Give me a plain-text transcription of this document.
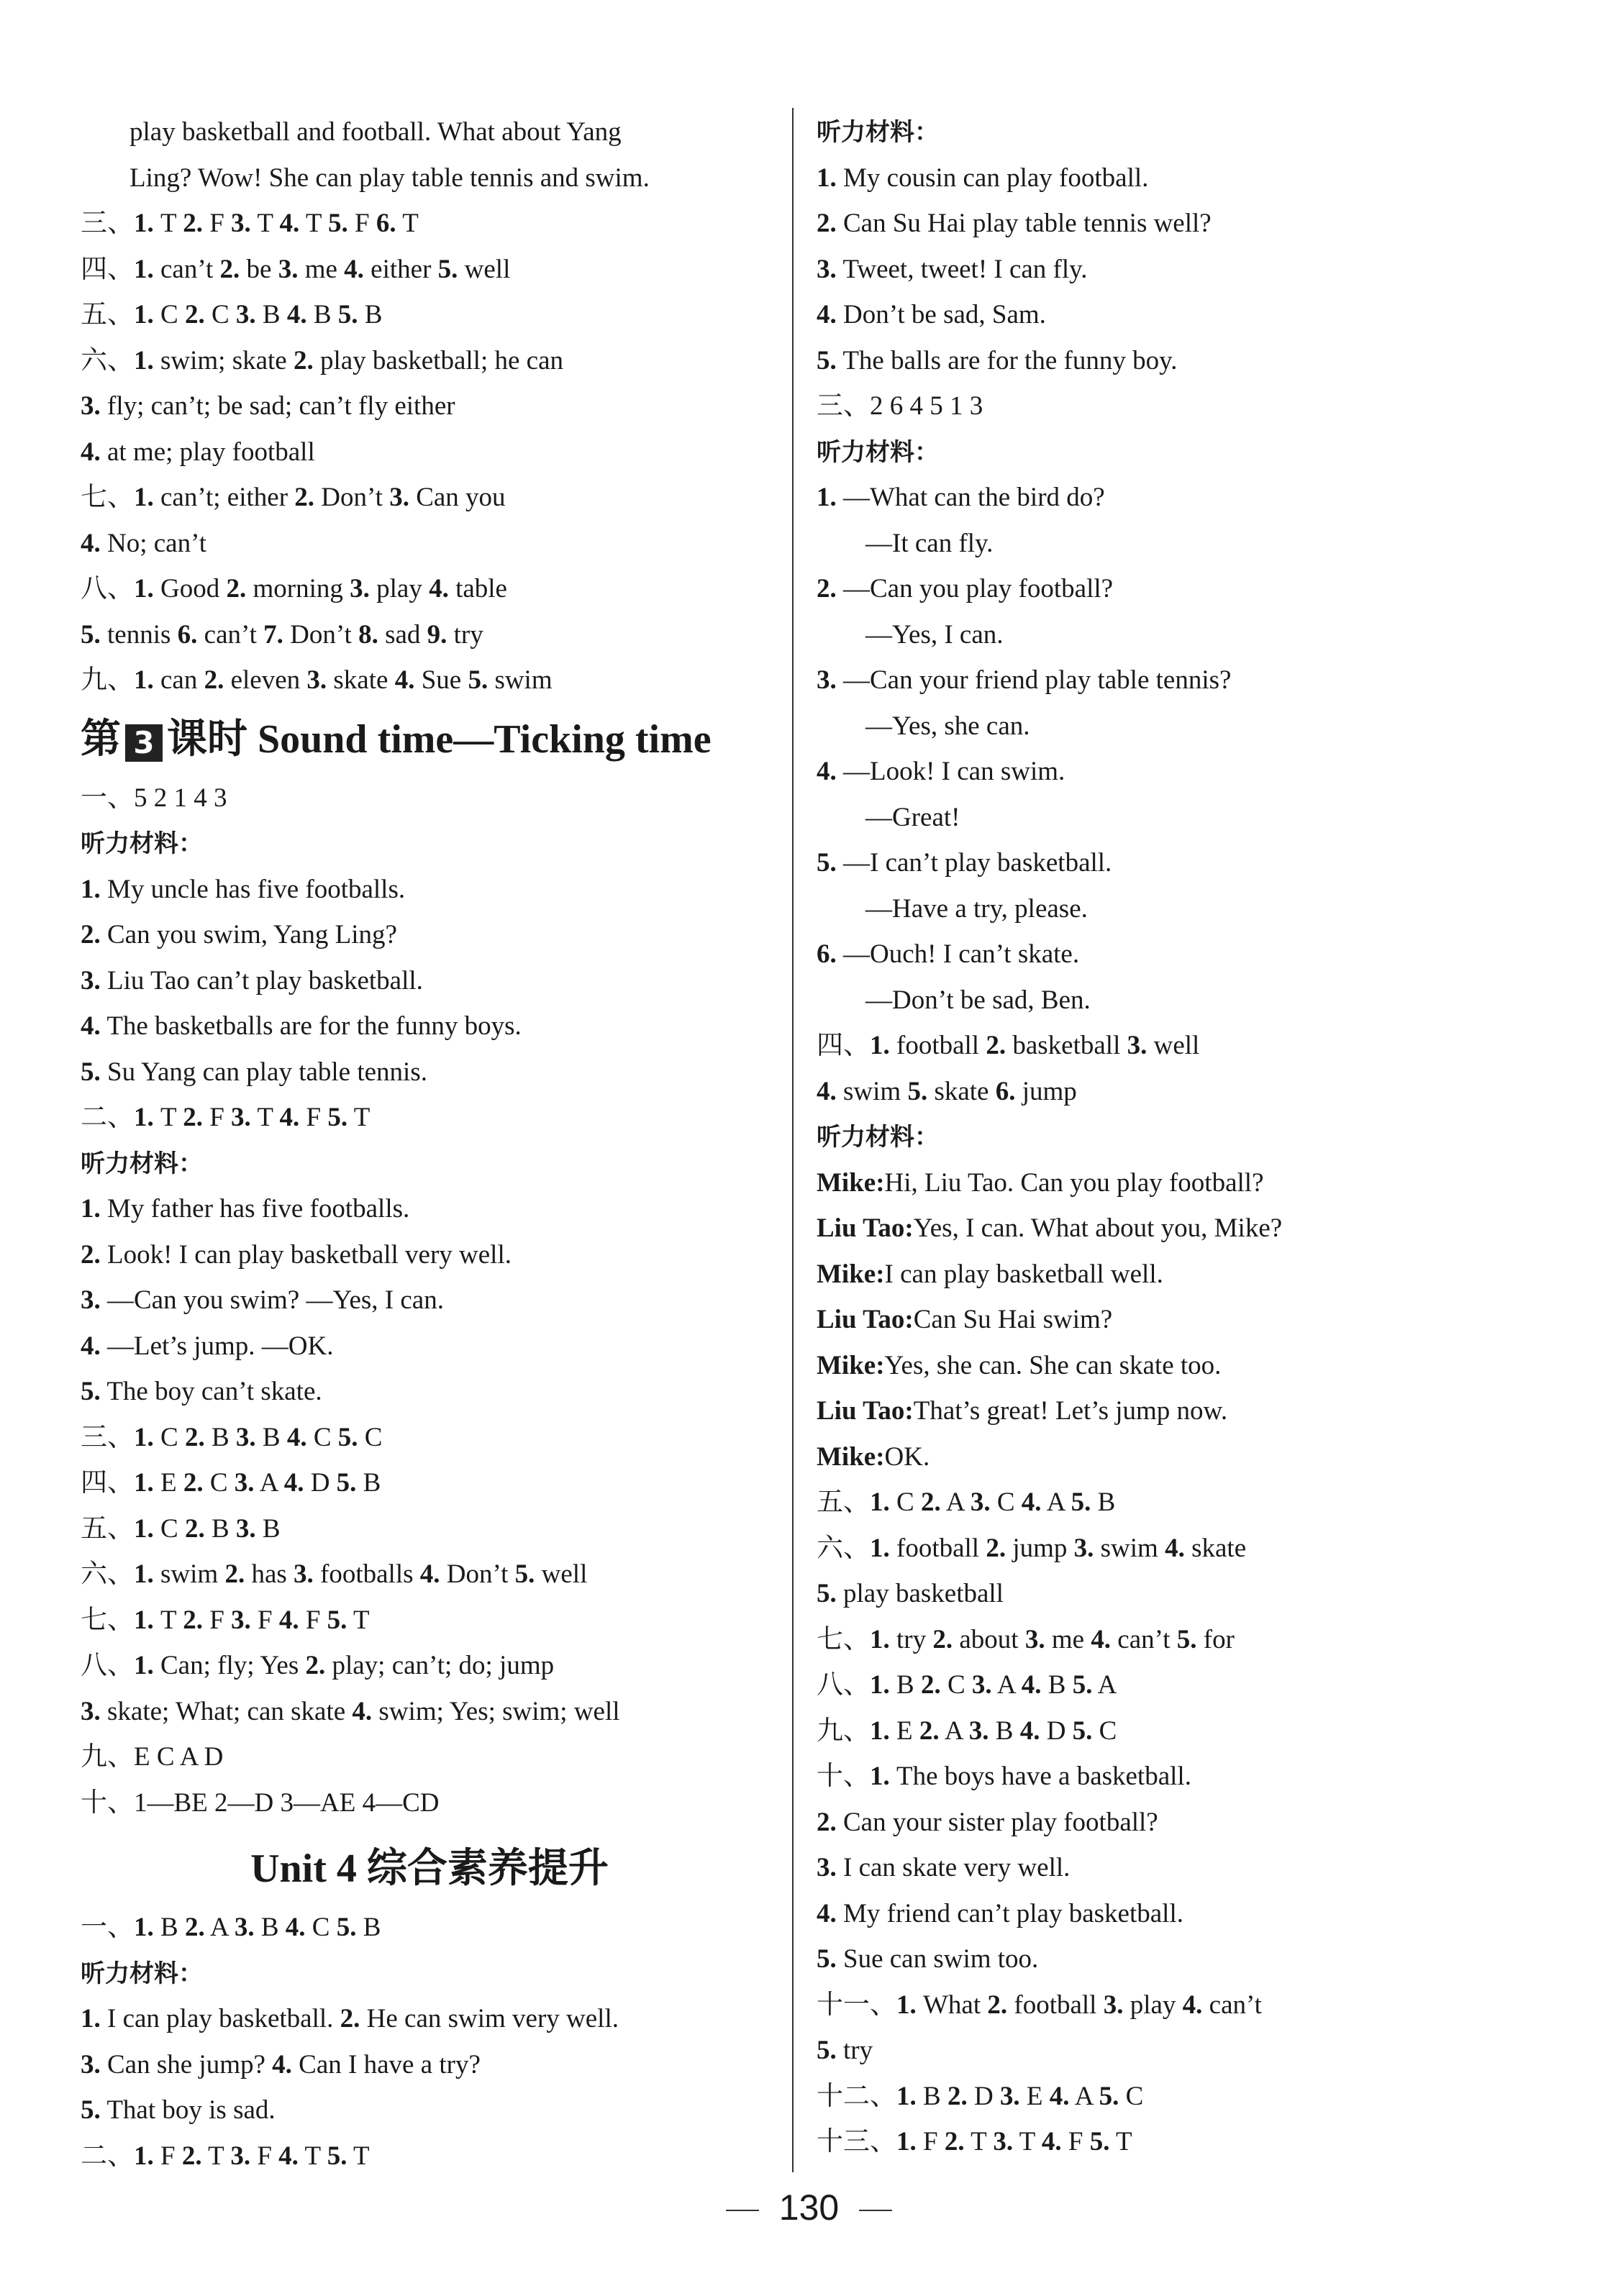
play basketball and football. What about Yang
Ling? Wow! She can play table tennis and swim.
三、1. T 2. F 3. T 4. T 5. F 6. T
四、1. can’t 2. be 3. me 4. either 5. well
五、1. C 2. C 3. B 4. B 5. B
六、1. swim; skate 2. play basketball; he can
3. fly; can’t; be sad; can’t fly either
4. at me; play football
七、1. can’t; either 2. Don’t 3. Can you
4. No; can’t
八、1. Good 2. morning 3. play 4. table
5. tennis 6. can’t 7. Don’t 8. sad 9. try
九、1. can 2. eleven 3. skate 4. Sue 5. swim
第 3 课时 Sound time—Ticking time
一、5 2 1 4 3
听力材料：
1. My uncle has five footballs.
2. Can you swim, Yang Ling?
3. Liu Tao can’t play basketball.
4. The basketballs are for the funny boys.
5. Su Yang can play table tennis.
二、1. T 2. F 3. T 4. F 5. T
听力材料：
1. My father has five footballs.
2. Look! I can play basketball very well.
3. —Can you swim? —Yes, I can.
4. —Let’s jump. —OK.
5. The boy can’t skate.
三、1. C 2. B 3. B 4. C 5. C
四、1. E 2. C 3. A 4. D 5. B
五、1. C 2. B 3. B
六、1. swim 2. has 3. footballs 4. Don’t 5. well
七、1. T 2. F 3. F 4. F 5. T
八、1. Can; fly; Yes 2. play; can’t; do; jump
3. skate; What; can skate 4. swim; Yes; swim; well
九、E C A D
十、1—BE 2—D 3—AE 4—CD
Unit 4 综合素养提升
一、1. B 2. A 3. B 4. C 5. B
听力材料：
1. I can play basketball. 2. He can swim very well.
3. Can she jump? 4. Can I have a try?
5. That boy is sad.
二、1. F 2. T 3. F 4. T 5. T
听力材料：
1. My cousin can play football.
2. Can Su Hai play table tennis well?
3. Tweet, tweet! I can fly.
4. Don’t be sad, Sam.
5. The balls are for the funny boy.
三、2 6 4 5 1 3
听力材料：
1. —What can the bird do?
—It can fly.
2. —Can you play football?
—Yes, I can.
3. —Can your friend play table tennis?
—Yes, she can.
4. —Look! I can swim.
—Great!
5. —I can’t play basketball.
—Have a try, please.
6. —Ouch! I can’t skate.
—Don’t be sad, Ben.
四、1. football 2. basketball 3. well
4. swim 5. skate 6. jump
听力材料：
Mike:Hi, Liu Tao. Can you play football?
Liu Tao:Yes, I can. What about you, Mike?
Mike:I can play basketball well.
Liu Tao:Can Su Hai swim?
Mike:Yes, she can. She can skate too.
Liu Tao:That’s great! Let’s jump now.
Mike:OK.
五、1. C 2. A 3. C 4. A 5. B
六、1. football 2. jump 3. swim 4. skate
5. play basketball
七、1. try 2. about 3. me 4. can’t 5. for
八、1. B 2. C 3. A 4. B 5. A
九、1. E 2. A 3. B 4. D 5. C
十、1. The boys have a basketball.
2. Can your sister play football?
3. I can skate very well.
4. My friend can’t play basketball.
5. Sue can swim too.
十一、1. What 2. football 3. play 4. can’t
5. try
十二、1. B 2. D 3. E 4. A 5. C
十三、1. F 2. T 3. T 4. F 5. T
130
